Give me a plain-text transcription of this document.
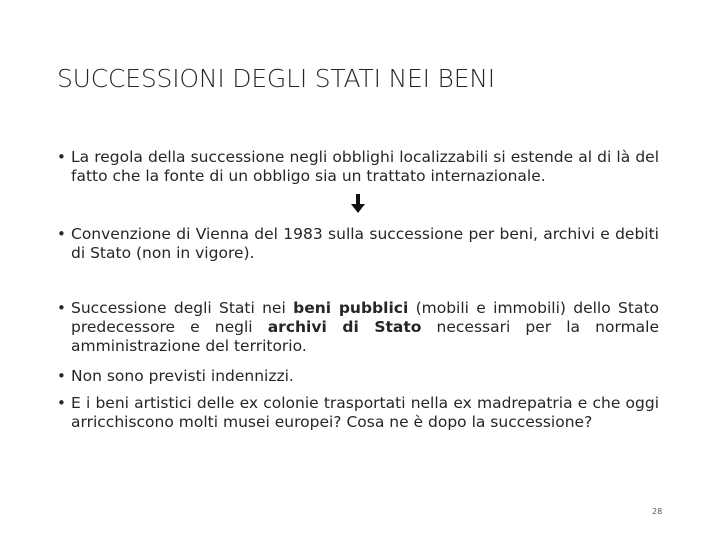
SUCCESSIONI DEGLI STATI NEI BENI
• La regola della successione negli obblighi localizzabili si estende al di là del fatto che la fonte di un obbligo sia un trattato internazionale.
• Convenzione di Vienna del 1983 sulla successione per beni, archivi e debiti di Stato (non in vigore).
• Successione degli Stati nei beni pubblici (mobili e immobili) dello Stato predecessore e negli archivi di Stato necessari per la normale amministrazione del territorio.
• Non sono previsti indennizzi.
• E i beni artistici delle ex colonie trasportati nella ex madrepatria e che oggi arricchiscono molti musei europei? Cosa ne è dopo la successione?
28
